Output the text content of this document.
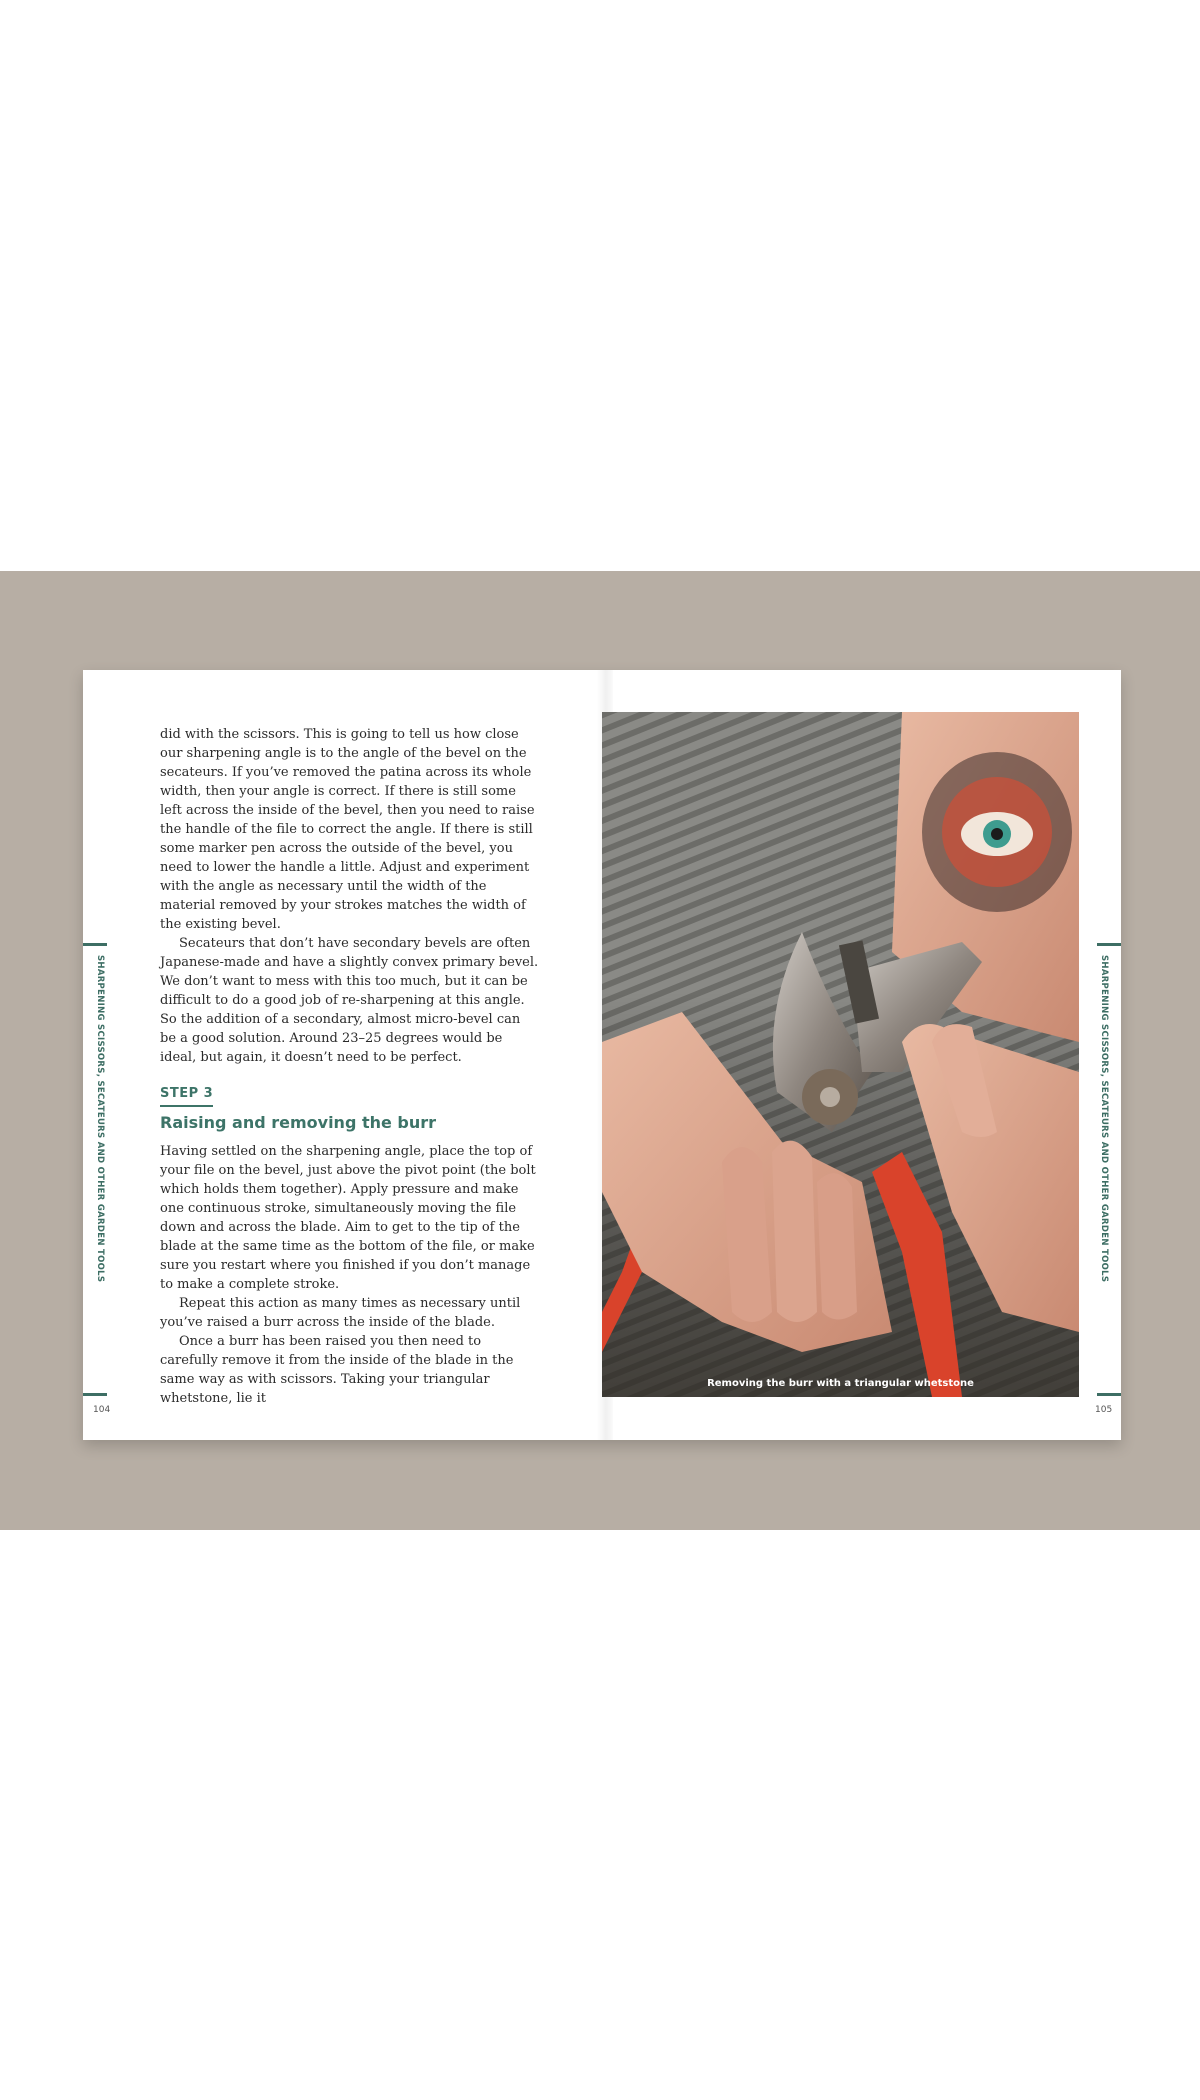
SHARPENING SCISSORS, SECATEURS AND OTHER GARDEN TOOLS
104

did with the scissors. This is going to tell us how close our sharpening angle is to the angle of the bevel on the secateurs. If you’ve removed the patina across its whole width, then your angle is correct. If there is still some left across the inside of the bevel, then you need to raise the handle of the file to correct the angle. If there is still some marker pen across the outside of the bevel, you need to lower the handle a little. Adjust and experiment with the angle as necessary until the width of the material removed by your strokes matches the width of the existing bevel.

Secateurs that don’t have secondary bevels are often Japanese-made and have a slightly convex primary bevel. We don’t want to mess with this too much, but it can be difficult to do a good job of re-sharpening at this angle. So the addition of a secondary, almost micro-bevel can be a good solution. Around 23–25 degrees would be ideal, but again, it doesn’t need to be perfect.

STEP 3
Raising and removing the burr

Having settled on the sharpening angle, place the top of your file on the bevel, just above the pivot point (the bolt which holds them together). Apply pressure and make one continuous stroke, simultaneously moving the file down and across the blade. Aim to get to the tip of the blade at the same time as the bottom of the file, or make sure you restart where you finished if you don’t manage to make a complete stroke.

Repeat this action as many times as necessary until you’ve raised a burr across the inside of the blade.

Once a burr has been raised you then need to carefully remove it from the inside of the blade in the same way as with scissors. Taking your triangular whetstone, lie it

Removing the burr with a triangular whetstone
SHARPENING SCISSORS, SECATEURS AND OTHER GARDEN TOOLS
105
